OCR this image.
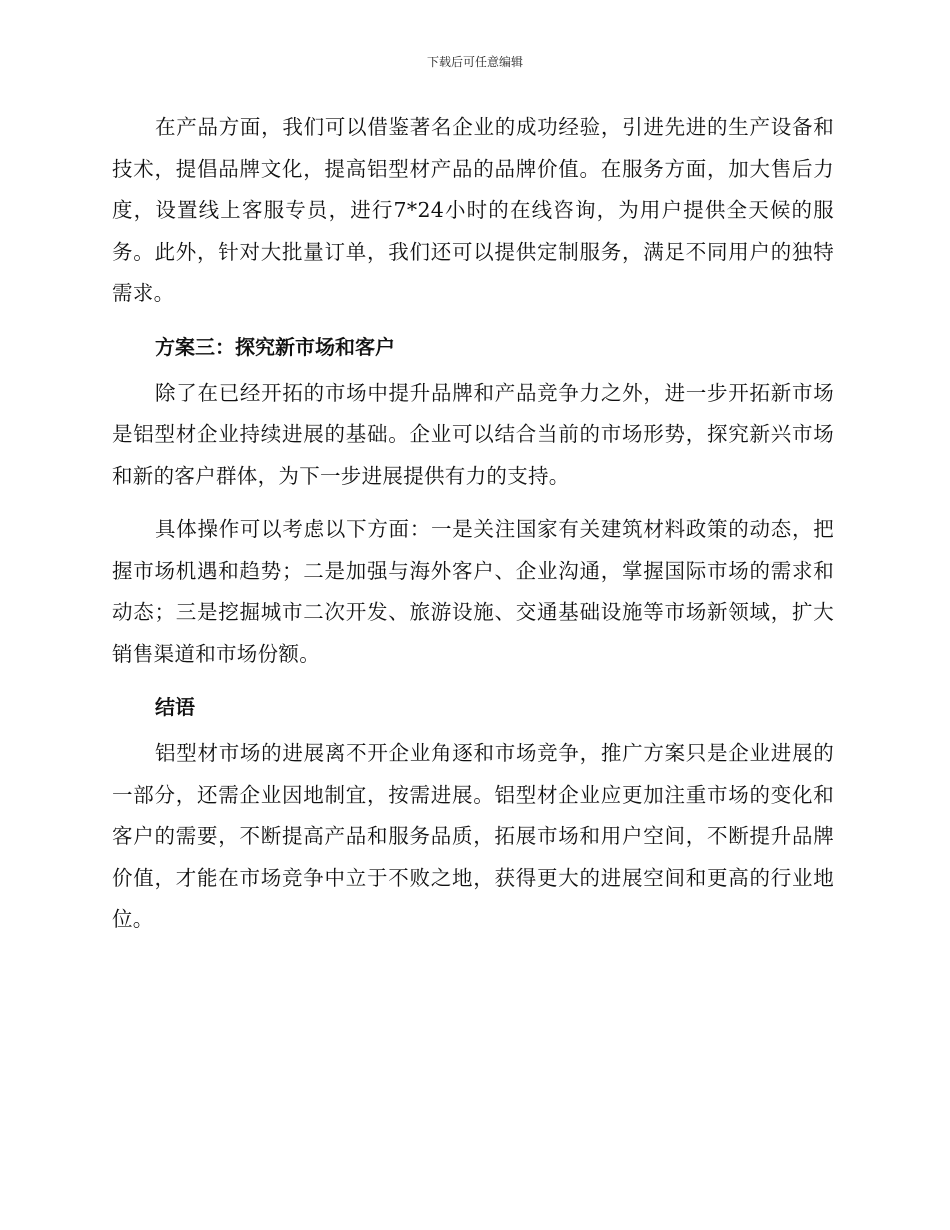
下载后可任意编辑

在产品方面，我们可以借鉴著名企业的成功经验，引进先进的生产设备和技术，提倡品牌文化，提高铝型材产品的品牌价值。在服务方面，加大售后力度，设置线上客服专员，进行7*24小时的在线咨询，为用户提供全天候的服务。此外，针对大批量订单，我们还可以提供定制服务，满足不同用户的独特需求。

方案三：探究新市场和客户

除了在已经开拓的市场中提升品牌和产品竞争力之外，进一步开拓新市场是铝型材企业持续进展的基础。企业可以结合当前的市场形势，探究新兴市场和新的客户群体，为下一步进展提供有力的支持。

具体操作可以考虑以下方面：一是关注国家有关建筑材料政策的动态，把握市场机遇和趋势；二是加强与海外客户、企业沟通，掌握国际市场的需求和动态；三是挖掘城市二次开发、旅游设施、交通基础设施等市场新领域，扩大销售渠道和市场份额。

结语

铝型材市场的进展离不开企业角逐和市场竞争，推广方案只是企业进展的一部分，还需企业因地制宜，按需进展。铝型材企业应更加注重市场的变化和客户的需要，不断提高产品和服务品质，拓展市场和用户空间，不断提升品牌价值，才能在市场竞争中立于不败之地，获得更大的进展空间和更高的行业地位。
